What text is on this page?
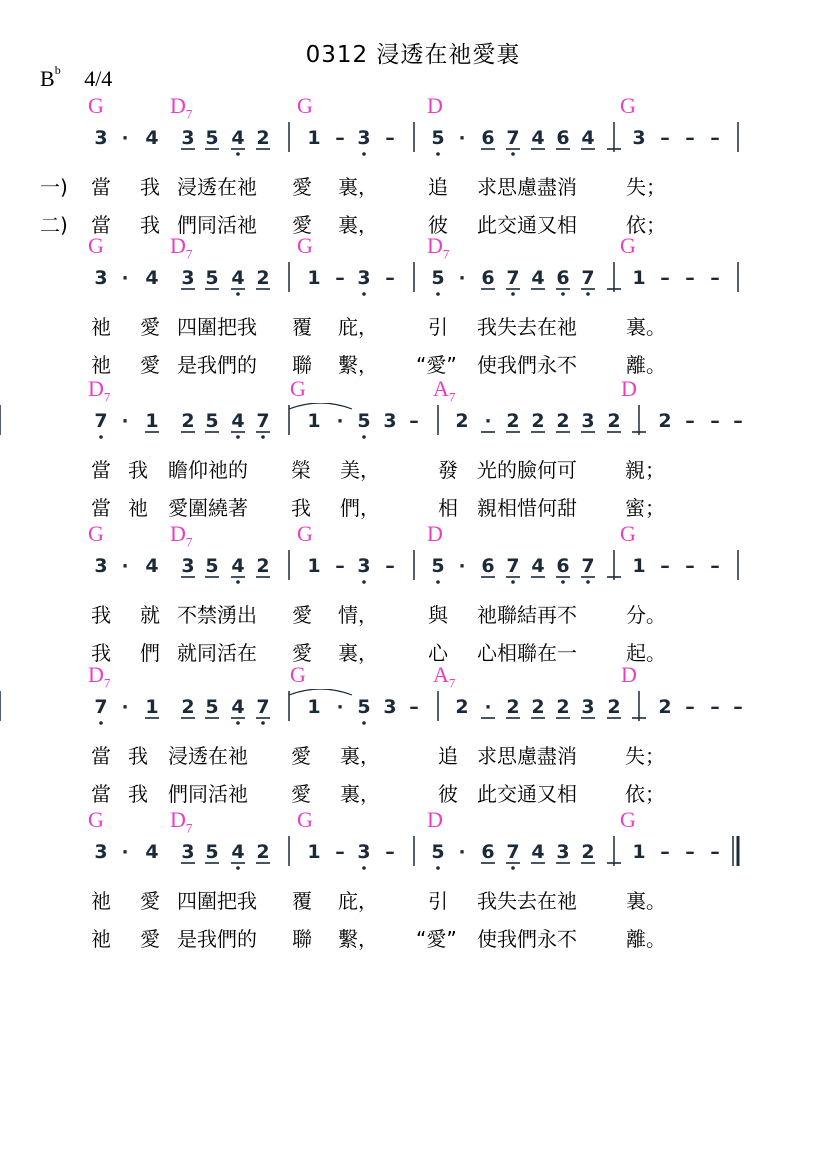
0312 浸透在祂愛裏
$B^b$ 4/4
G	$D_7$	G	D	G
3 · 4 3 5 4 2 1 – 3 – 5 · 6 7 4 6 4 3 – – –
一) 當 我 浸透在祂 愛 裏，	追 求思慮盡消 失；
二) 當 我 們同活祂 愛 裏，	彼 此交通又相 依；
G	$D_7$	G	$D_7$	G
3 · 4 3 5 4 2 1 – 3 – 5 · 6 7 4 6 7 1 – – –
祂 愛 四圍把我 覆 庇，	引 我失去在祂 裏。
祂 愛 是我們的 聯 繫， “愛” 使我們永不 離。
$D_7$	G	$A_7$	D
7 · 1 2 5 4 7 1 · 5 3 – 2 · 2 2 2 3 2 2 – – –
當 我 瞻仰祂的 榮 美，	發 光的臉何可 親；
當 祂 愛圍繞著 我 們，	相 親相惜何甜 蜜；
G	$D_7$	G	D	G
3 · 4 3 5 4 2 1 – 3 – 5 · 6 7 4 6 7 1 – – –
我 就 不禁湧出 愛 情，	與 祂聯結再不 分。
我 們 就同活在 愛 裏，	心 心相聯在一 起。
$D_7$	G	$A_7$	D
7 · 1 2 5 4 7 1 · 5 3 – 2 · 2 2 2 3 2 2 – – –
當 我 浸透在祂 愛 裏，	追 求思慮盡消 失；
當 我 們同活祂 愛 裏，	彼 此交通又相 依；
G	$D_7$	G	D	G
3 · 4 3 5 4 2 1 – 3 – 5 · 6 7 4 3 2 1 – – –
祂 愛 四圍把我 覆 庇，	引 我失去在祂 裏。
祂 愛 是我們的 聯 繫， “愛” 使我們永不 離。
